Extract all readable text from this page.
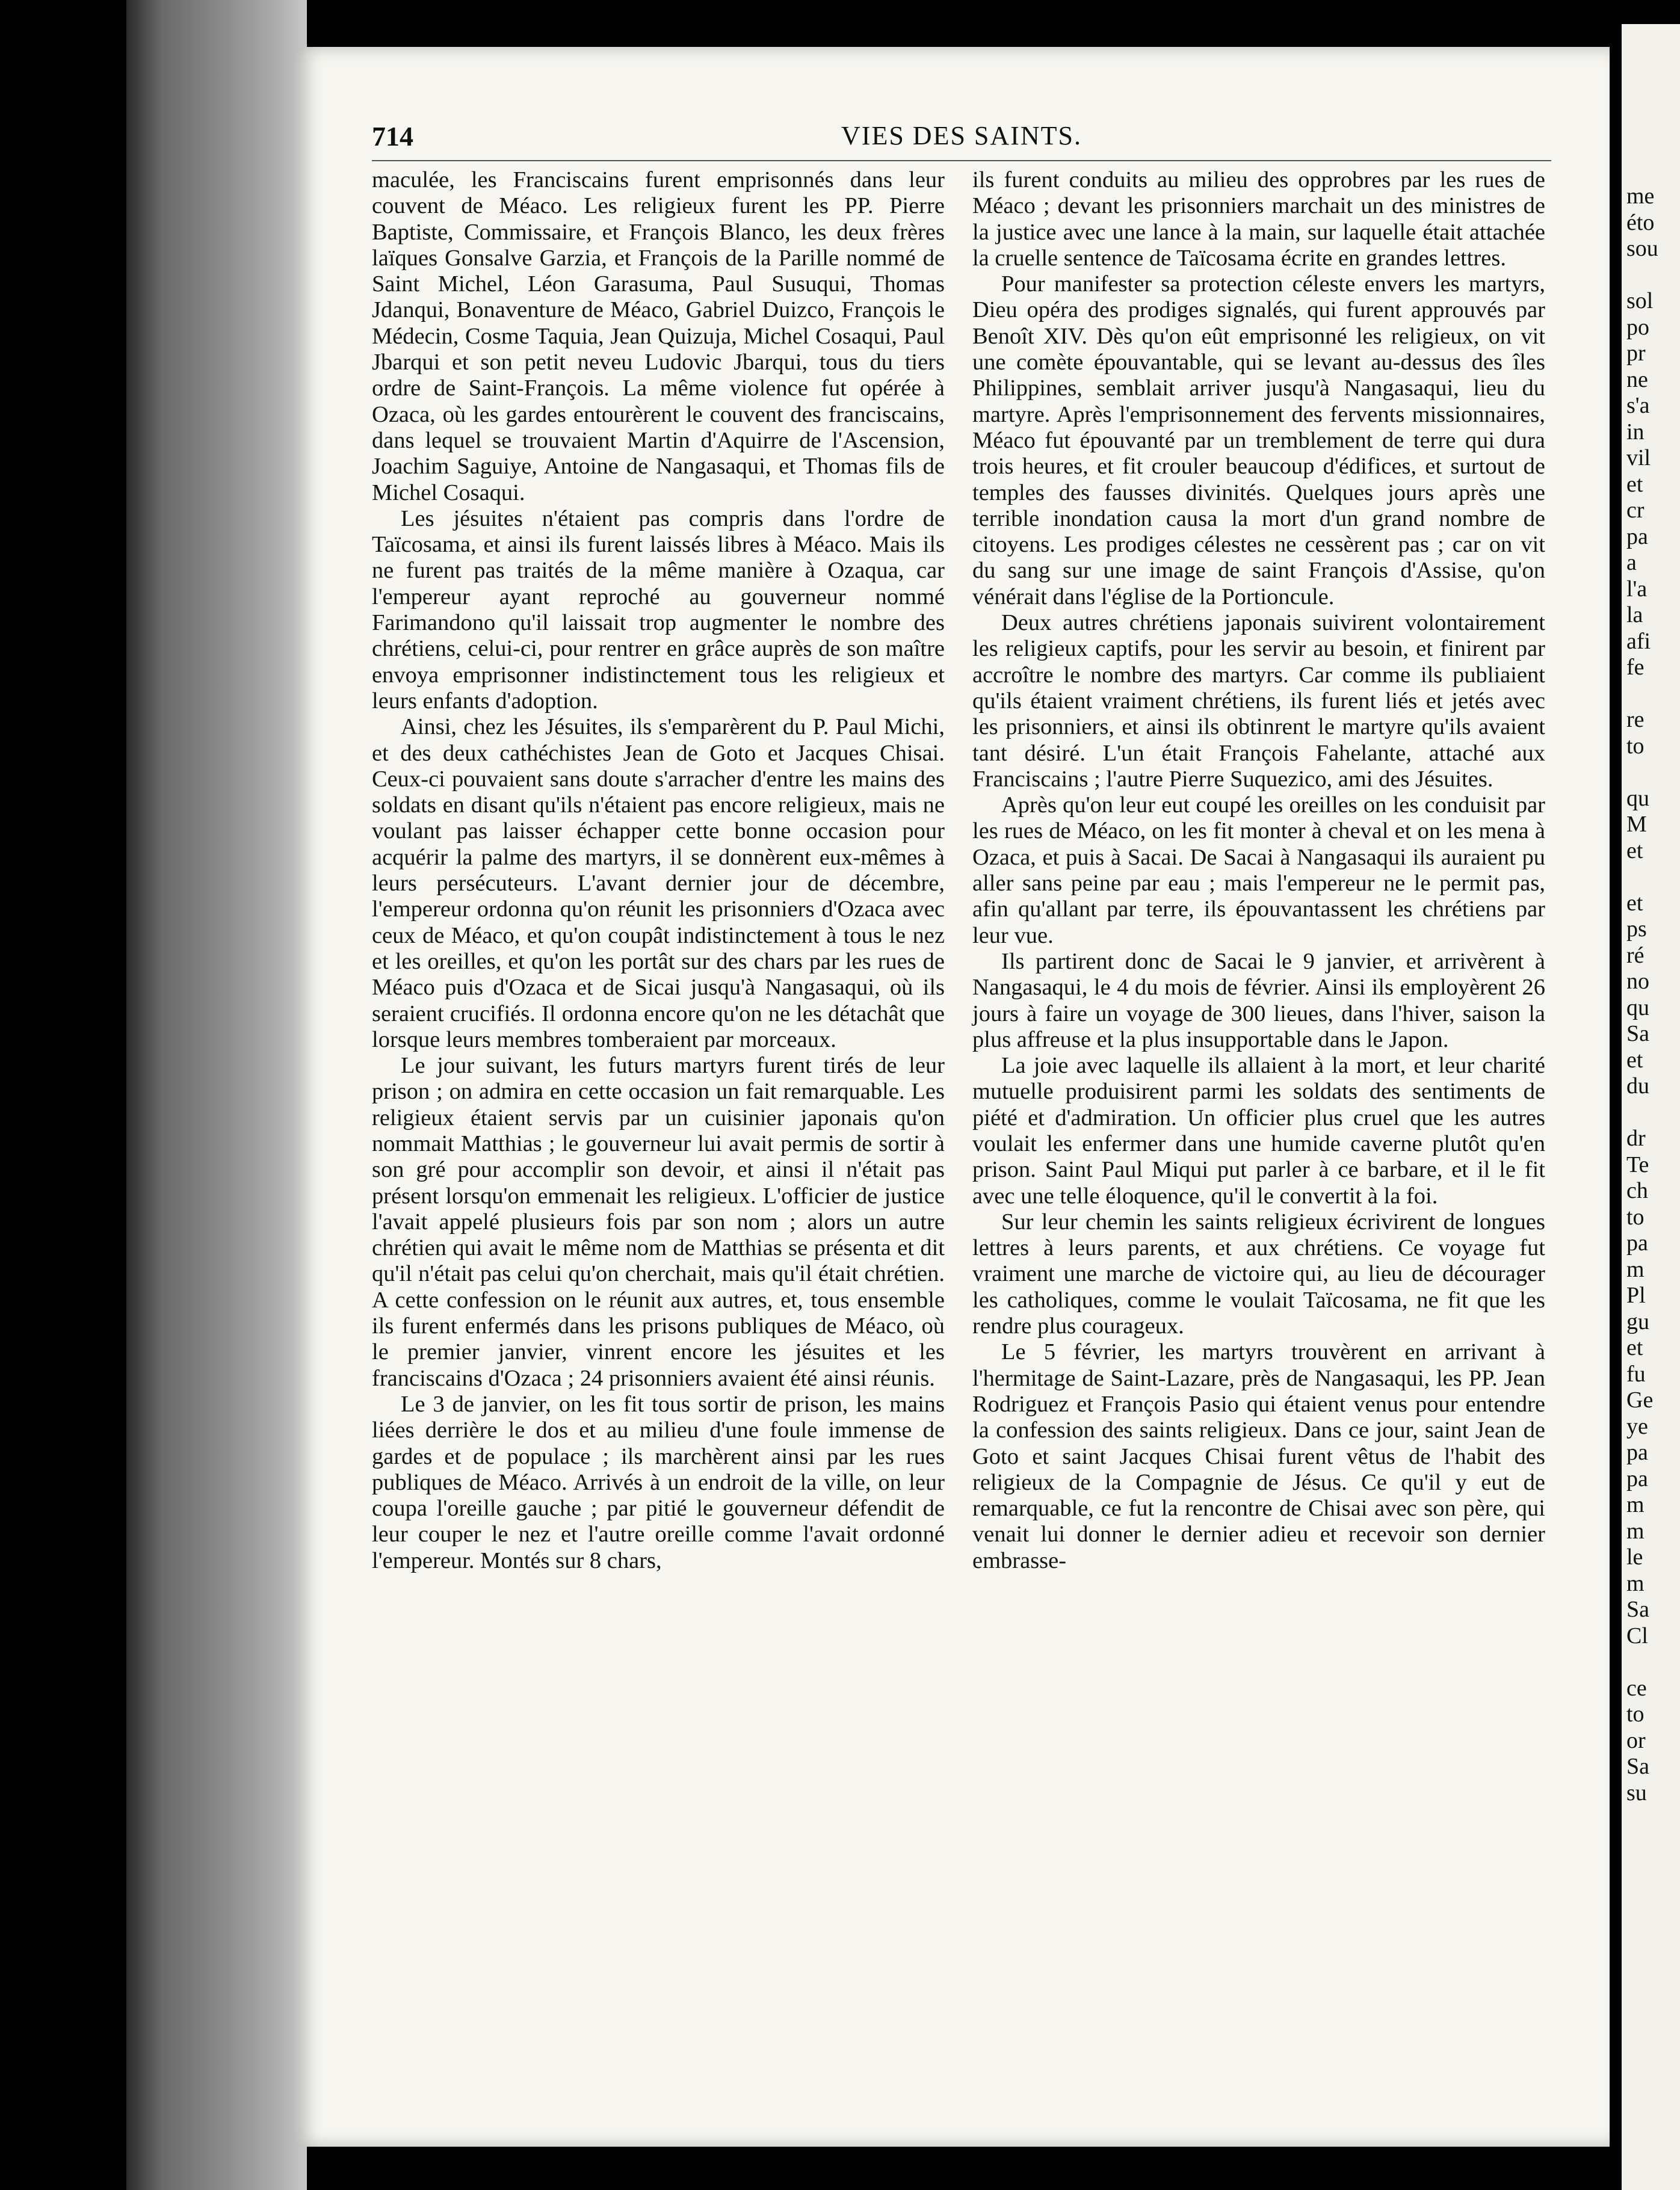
me
éto
sou

sol
po
pr
ne
s'a
in
vil
et
cr
pa
a
l'a
la
afi
fe

re
to

qu
M
et

et
ps
ré
no
qu
Sa
et
du

dr
Te
ch
to
pa
m
Pl
gu
et
fu
Ge
ye
pa
pa
m
m
le
m
Sa
Cl

ce
to
or
Sa
su
714	VIES DES SAINTS.

maculée, les Franciscains furent emprisonnés dans leur couvent de Méaco. Les religieux furent les PP. Pierre Baptiste, Commissaire, et François Blanco, les deux frères laïques Gonsalve Garzia, et François de la Parille nommé de Saint Michel, Léon Garasuma, Paul Susuqui, Thomas Jdanqui, Bonaventure de Méaco, Gabriel Duizco, François le Médecin, Cosme Taquia, Jean Quizuja, Michel Cosaqui, Paul Jbarqui et son petit neveu Ludovic Jbarqui, tous du tiers ordre de Saint-François. La même violence fut opérée à Ozaca, où les gardes entourèrent le couvent des franciscains, dans lequel se trouvaient Martin d'Aquirre de l'Ascension, Joachim Saguiye, Antoine de Nangasaqui, et Thomas fils de Michel Cosaqui.

Les jésuites n'étaient pas compris dans l'ordre de Taïcosama, et ainsi ils furent laissés libres à Méaco. Mais ils ne furent pas traités de la même manière à Ozaqua, car l'empereur ayant reproché au gouverneur nommé Farimandono qu'il laissait trop augmenter le nombre des chrétiens, celui-ci, pour rentrer en grâce auprès de son maître envoya emprisonner indistinctement tous les religieux et leurs enfants d'adoption.

Ainsi, chez les Jésuites, ils s'emparèrent du P. Paul Michi, et des deux cathéchistes Jean de Goto et Jacques Chisai. Ceux-ci pouvaient sans doute s'arracher d'entre les mains des soldats en disant qu'ils n'étaient pas encore religieux, mais ne voulant pas laisser échapper cette bonne occasion pour acquérir la palme des martyrs, il se donnèrent eux-mêmes à leurs persécuteurs. L'avant dernier jour de décembre, l'empereur ordonna qu'on réunit les prisonniers d'Ozaca avec ceux de Méaco, et qu'on coupât indistinctement à tous le nez et les oreilles, et qu'on les portât sur des chars par les rues de Méaco puis d'Ozaca et de Sicai jusqu'à Nangasaqui, où ils seraient crucifiés. Il ordonna encore qu'on ne les détachât que lorsque leurs membres tomberaient par morceaux.

Le jour suivant, les futurs martyrs furent tirés de leur prison ; on admira en cette occasion un fait remarquable. Les religieux étaient servis par un cuisinier japonais qu'on nommait Matthias ; le gouverneur lui avait permis de sortir à son gré pour accomplir son devoir, et ainsi il n'était pas présent lorsqu'on emmenait les religieux. L'officier de justice l'avait appelé plusieurs fois par son nom ; alors un autre chrétien qui avait le même nom de Matthias se présenta et dit qu'il n'était pas celui qu'on cherchait, mais qu'il était chrétien. A cette confession on le réunit aux autres, et, tous ensemble ils furent enfermés dans les prisons publiques de Méaco, où le premier janvier, vinrent encore les jésuites et les franciscains d'Ozaca ; 24 prisonniers avaient été ainsi réunis.

Le 3 de janvier, on les fit tous sortir de prison, les mains liées derrière le dos et au milieu d'une foule immense de gardes et de populace ; ils marchèrent ainsi par les rues publiques de Méaco. Arrivés à un endroit de la ville, on leur coupa l'oreille gauche ; par pitié le gouverneur défendit de leur couper le nez et l'autre oreille comme l'avait ordonné l'empereur. Montés sur 8 chars,

ils furent conduits au milieu des opprobres par les rues de Méaco ; devant les prisonniers marchait un des ministres de la justice avec une lance à la main, sur laquelle était attachée la cruelle sentence de Taïcosama écrite en grandes lettres.

Pour manifester sa protection céleste envers les martyrs, Dieu opéra des prodiges signalés, qui furent approuvés par Benoît XIV. Dès qu'on eût emprisonné les religieux, on vit une comète épouvantable, qui se levant au-dessus des îles Philippines, semblait arriver jusqu'à Nangasaqui, lieu du martyre. Après l'emprisonnement des fervents missionnaires, Méaco fut épouvanté par un tremblement de terre qui dura trois heures, et fit crouler beaucoup d'édifices, et surtout de temples des fausses divinités. Quelques jours après une terrible inondation causa la mort d'un grand nombre de citoyens. Les prodiges célestes ne cessèrent pas ; car on vit du sang sur une image de saint François d'Assise, qu'on vénérait dans l'église de la Portioncule.

Deux autres chrétiens japonais suivirent volontairement les religieux captifs, pour les servir au besoin, et finirent par accroître le nombre des martyrs. Car comme ils publiaient qu'ils étaient vraiment chrétiens, ils furent liés et jetés avec les prisonniers, et ainsi ils obtinrent le martyre qu'ils avaient tant désiré. L'un était François Fahelante, attaché aux Franciscains ; l'autre Pierre Suquezico, ami des Jésuites.

Après qu'on leur eut coupé les oreilles on les conduisit par les rues de Méaco, on les fit monter à cheval et on les mena à Ozaca, et puis à Sacai. De Sacai à Nangasaqui ils auraient pu aller sans peine par eau ; mais l'empereur ne le permit pas, afin qu'allant par terre, ils épouvantassent les chrétiens par leur vue.

Ils partirent donc de Sacai le 9 janvier, et arrivèrent à Nangasaqui, le 4 du mois de février. Ainsi ils employèrent 26 jours à faire un voyage de 300 lieues, dans l'hiver, saison la plus affreuse et la plus insupportable dans le Japon.

La joie avec laquelle ils allaient à la mort, et leur charité mutuelle produisirent parmi les soldats des sentiments de piété et d'admiration. Un officier plus cruel que les autres voulait les enfermer dans une humide caverne plutôt qu'en prison. Saint Paul Miqui put parler à ce barbare, et il le fit avec une telle éloquence, qu'il le convertit à la foi.

Sur leur chemin les saints religieux écrivirent de longues lettres à leurs parents, et aux chrétiens. Ce voyage fut vraiment une marche de victoire qui, au lieu de décourager les catholiques, comme le voulait Taïcosama, ne fit que les rendre plus courageux.

Le 5 février, les martyrs trouvèrent en arrivant à l'hermitage de Saint-Lazare, près de Nangasaqui, les PP. Jean Rodriguez et François Pasio qui étaient venus pour entendre la confession des saints religieux. Dans ce jour, saint Jean de Goto et saint Jacques Chisai furent vêtus de l'habit des religieux de la Compagnie de Jésus. Ce qu'il y eut de remarquable, ce fut la rencontre de Chisai avec son père, qui venait lui donner le dernier adieu et recevoir son dernier embrasse-
